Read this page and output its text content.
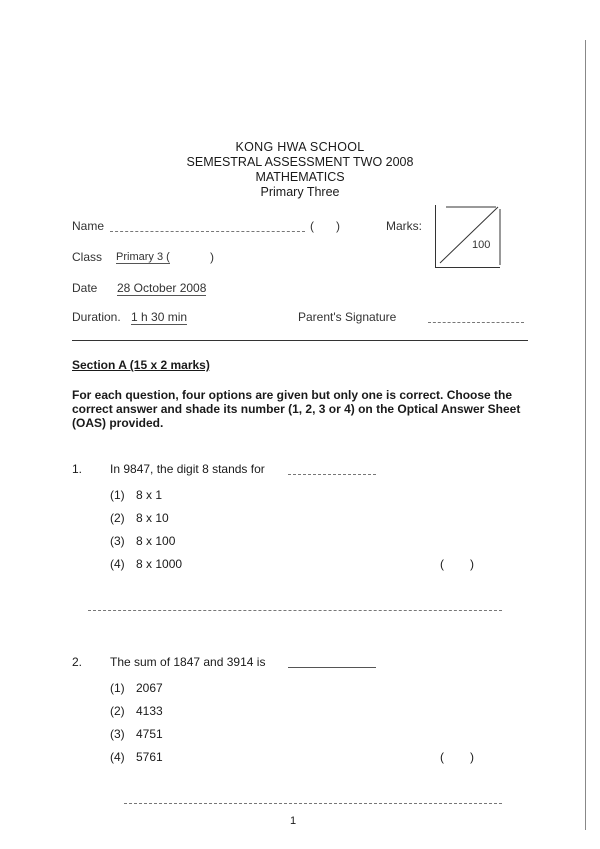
KONG HWA SCHOOL
SEMESTRAL ASSESSMENT TWO 2008
MATHEMATICS
Primary Three
Name	( )	Marks:
100
Class Primary 3 (	)
Date 28 October 2008
Duration. 1 h 30 min	Parent's Signature
Section A (15 x 2 marks)
For each question, four options are given but only one is correct. Choose the correct answer and shade its number (1, 2, 3 or 4) on the Optical Answer Sheet (OAS) provided.
1. In 9847, the digit 8 stands for
(1) 8 x 1
(2) 8 x 10
(3) 8 x 100
(4) 8 x 1000	( )
2. The sum of 1847 and 3914 is
(1) 2067
(2) 4133
(3) 4751
(4) 5761	( )
1
